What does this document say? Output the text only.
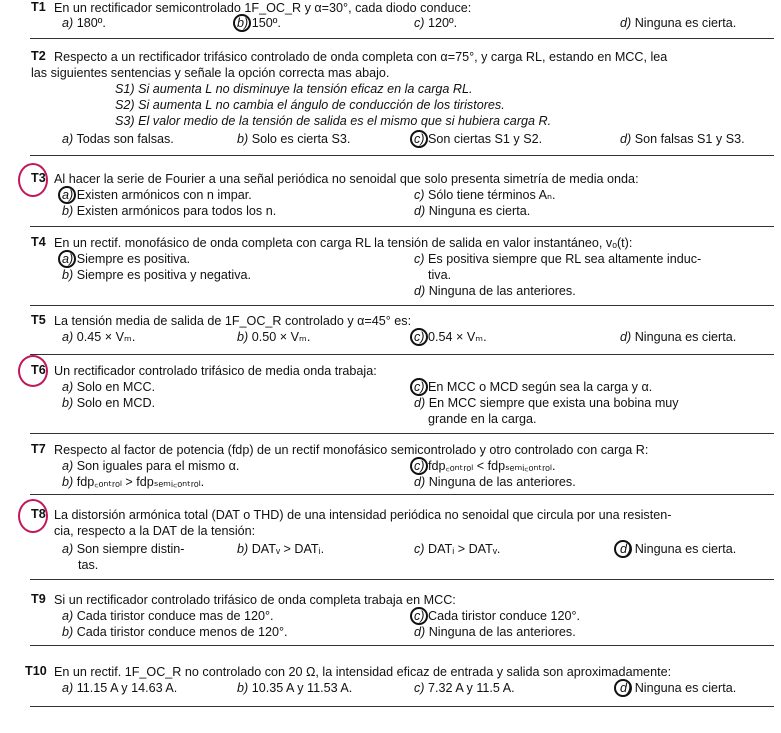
T1 En un rectificador semicontrolado 1F_OC_R y α=30°, cada diodo conduce:
a) 180º.	b) 150º.	c) 120º.	d) Ninguna es cierta.
T2 Respecto a un rectificador trifásico controlado de onda completa con α=75°, y carga RL, estando en MCC, lea
las siguientes sentencias y señale la opción correcta mas abajo.
S1) Si aumenta L no disminuye la tensión eficaz en la carga RL.
S2) Si aumenta L no cambia el ángulo de conducción de los tiristores.
S3) El valor medio de la tensión de salida es el mismo que si hubiera carga R.
a) Todas son falsas.	b) Solo es cierta S3.	c) Son ciertas S1 y S2.	d) Son falsas S1 y S3.
T3 Al hacer la serie de Fourier a una señal periódica no senoidal que solo presenta simetría de media onda:
a) Existen armónicos con n impar.	c) Sólo tiene términos Aₙ.
b) Existen armónicos para todos los n.	d) Ninguna es cierta.
T4 En un rectif. monofásico de onda completa con carga RL la tensión de salida en valor instantáneo, vₒ(t):
a) Siempre es positiva.	c) Es positiva siempre que RL sea altamente induc-
b) Siempre es positiva y negativa.	tiva.
d) Ninguna de las anteriores.
T5 La tensión media de salida de 1F_OC_R controlado y α=45° es:
a) 0.45 × Vₘ.	b) 0.50 × Vₘ.	c) 0.54 × Vₘ.	d) Ninguna es cierta.
T6 Un rectificador controlado trifásico de media onda trabaja:
a) Solo en MCC.	c) En MCC o MCD según sea la carga y α.
b) Solo en MCD.	d) En MCC siempre que exista una bobina muy
grande en la carga.
T7 Respecto al factor de potencia (fdp) de un rectif monofásico semicontrolado y otro controlado con carga R:
a) Son iguales para el mismo α.	c) fdp꜀ₒₙₜᵣₒₗ < fdpₛₑₘᵢ꜀ₒₙₜᵣₒₗ.
b) fdp꜀ₒₙₜᵣₒₗ > fdpₛₑₘᵢ꜀ₒₙₜᵣₒₗ.	d) Ninguna de las anteriores.
T8 La distorsión armónica total (DAT o THD) de una intensidad periódica no senoidal que circula por una resisten-
cia, respecto a la DAT de la tensión:
a) Son siempre distin-
tas.
b) DATᵥ > DATᵢ.	c) DATᵢ > DATᵥ.	d) Ninguna es cierta.
T9 Si un rectificador controlado trifásico de onda completa trabaja en MCC:
a) Cada tiristor conduce mas de 120°.	c) Cada tiristor conduce 120°.
b) Cada tiristor conduce menos de 120°.	d) Ninguna de las anteriores.
T10 En un rectif. 1F_OC_R no controlado con 20 Ω, la intensidad eficaz de entrada y salida son aproximadamente:
a) 11.15 A y 14.63 A.	b) 10.35 A y 11.53 A.	c) 7.32 A y 11.5 A.	d) Ninguna es cierta.
